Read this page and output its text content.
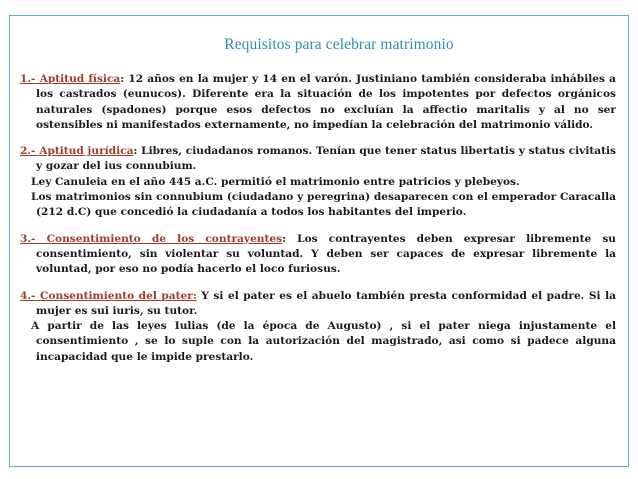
Requisitos para celebrar matrimonio

1.- Aptitud física: 12 años en la mujer y 14 en el varón. Justiniano también consideraba inhábiles a los castrados (eunucos). Diferente era la situación de los impotentes por defectos orgánicos naturales (spadones) porque esos defectos no excluían la affectio maritalis y al no ser ostensibles ni manifestados externamente, no impedían la celebración del matrimonio válido.

2.- Aptitud jurídica: Libres, ciudadanos romanos. Tenían que tener status libertatis y status civitatis y gozar del ius connubium.

Ley Canuleia en el año 445 a.C. permitió el matrimonio entre patricios y plebeyos.

Los matrimonios sin connubium (ciudadano y peregrina) desaparecen con el emperador Caracalla (212 d.C) que concedió la ciudadanía a todos los habitantes del imperio.

3.- Consentimiento de los contrayentes: Los contrayentes deben expresar libremente su consentimiento, sin violentar su voluntad. Y deben ser capaces de expresar libremente la voluntad, por eso no podía hacerlo el loco furiosus.

4.- Consentimiento del pater: Y si el pater es el abuelo también presta conformidad el padre. Si la mujer es sui iuris, su tutor.

A partir de las leyes Iulias (de la época de Augusto) , si el pater niega injustamente el consentimiento , se lo suple con la autorización del magistrado, asi como si padece alguna incapacidad que le impide prestarlo.
